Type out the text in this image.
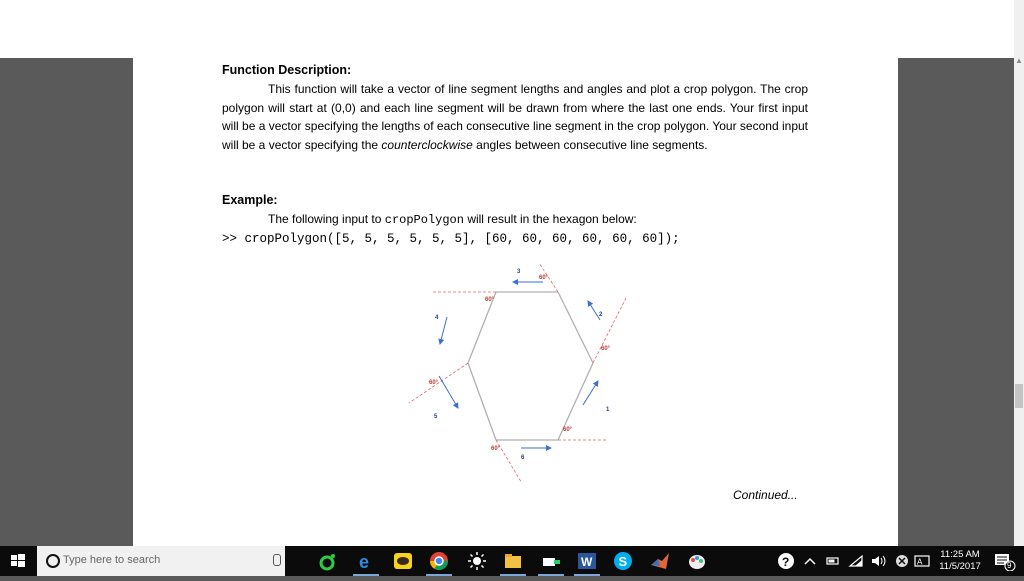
▲
Function Description:
This function will take a vector of line segment lengths and angles and plot a crop polygon. The crop polygon will start at (0,0) and each line segment will be drawn from where the last one ends. Your first input will be a vector specifying the lengths of each consecutive line segment in the crop polygon. Your second input will be a vector specifying the counterclockwise angles between consecutive line segments.
Example:
The following input to cropPolygon will result in the hexagon below:
>> cropPolygon([5, 5, 5, 5, 5, 5], [60, 60, 60, 60, 60, 60]);
1
2
3
4
5
6
60°
60°
60°
60°
60°
60°
Continued...
Type here to search	e	W S	?	A
11:25 AM
11/5/2017	9
